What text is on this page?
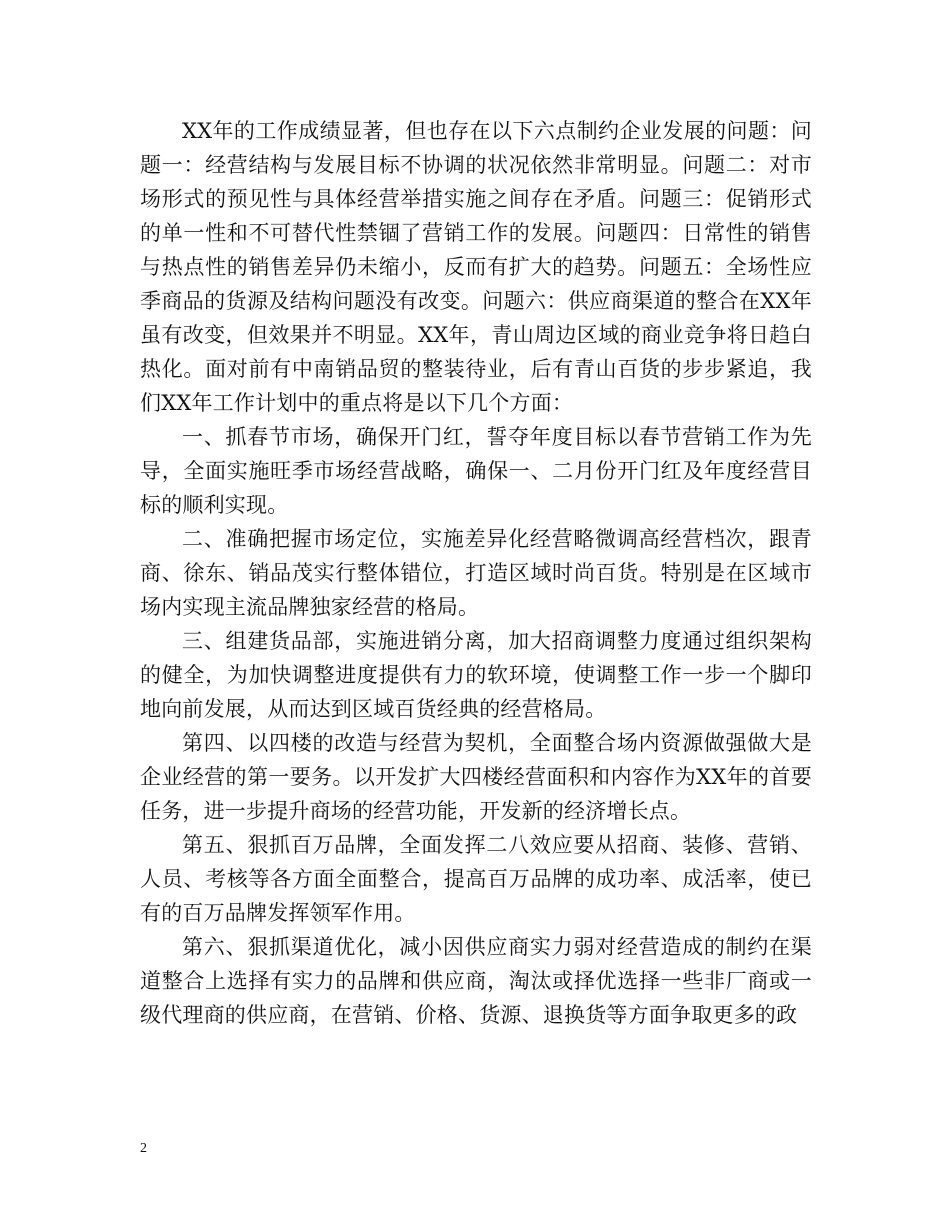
XX年的工作成绩显著，但也存在以下六点制约企业发展的问题：问题一：经营结构与发展目标不协调的状况依然非常明显。问题二：对市场形式的预见性与具体经营举措实施之间存在矛盾。问题三：促销形式的单一性和不可替代性禁锢了营销工作的发展。问题四：日常性的销售与热点性的销售差异仍未缩小，反而有扩大的趋势。问题五：全场性应季商品的货源及结构问题没有改变。问题六：供应商渠道的整合在XX年虽有改变，但效果并不明显。XX年，青山周边区域的商业竞争将日趋白热化。面对前有中南销品贸的整装待业，后有青山百货的步步紧追，我们XX年工作计划中的重点将是以下几个方面：

一、抓春节市场，确保开门红，誓夺年度目标以春节营销工作为先导，全面实施旺季市场经营战略，确保一、二月份开门红及年度经营目标的顺利实现。

二、准确把握市场定位，实施差异化经营略微调高经营档次，跟青商、徐东、销品茂实行整体错位，打造区域时尚百货。特别是在区域市场内实现主流品牌独家经营的格局。

三、组建货品部，实施进销分离，加大招商调整力度通过组织架构的健全，为加快调整进度提供有力的软环境，使调整工作一步一个脚印地向前发展，从而达到区域百货经典的经营格局。

第四、以四楼的改造与经营为契机，全面整合场内资源做强做大是企业经营的第一要务。以开发扩大四楼经营面积和内容作为XX年的首要任务，进一步提升商场的经营功能，开发新的经济增长点。

第五、狠抓百万品牌，全面发挥二八效应要从招商、装修、营销、人员、考核等各方面全面整合，提高百万品牌的成功率、成活率，使已有的百万品牌发挥领军作用。

第六、狠抓渠道优化，减小因供应商实力弱对经营造成的制约在渠道整合上选择有实力的品牌和供应商，淘汰或择优选择一些非厂商或一级代理商的供应商，在营销、价格、货源、退换货等方面争取更多的政

2
